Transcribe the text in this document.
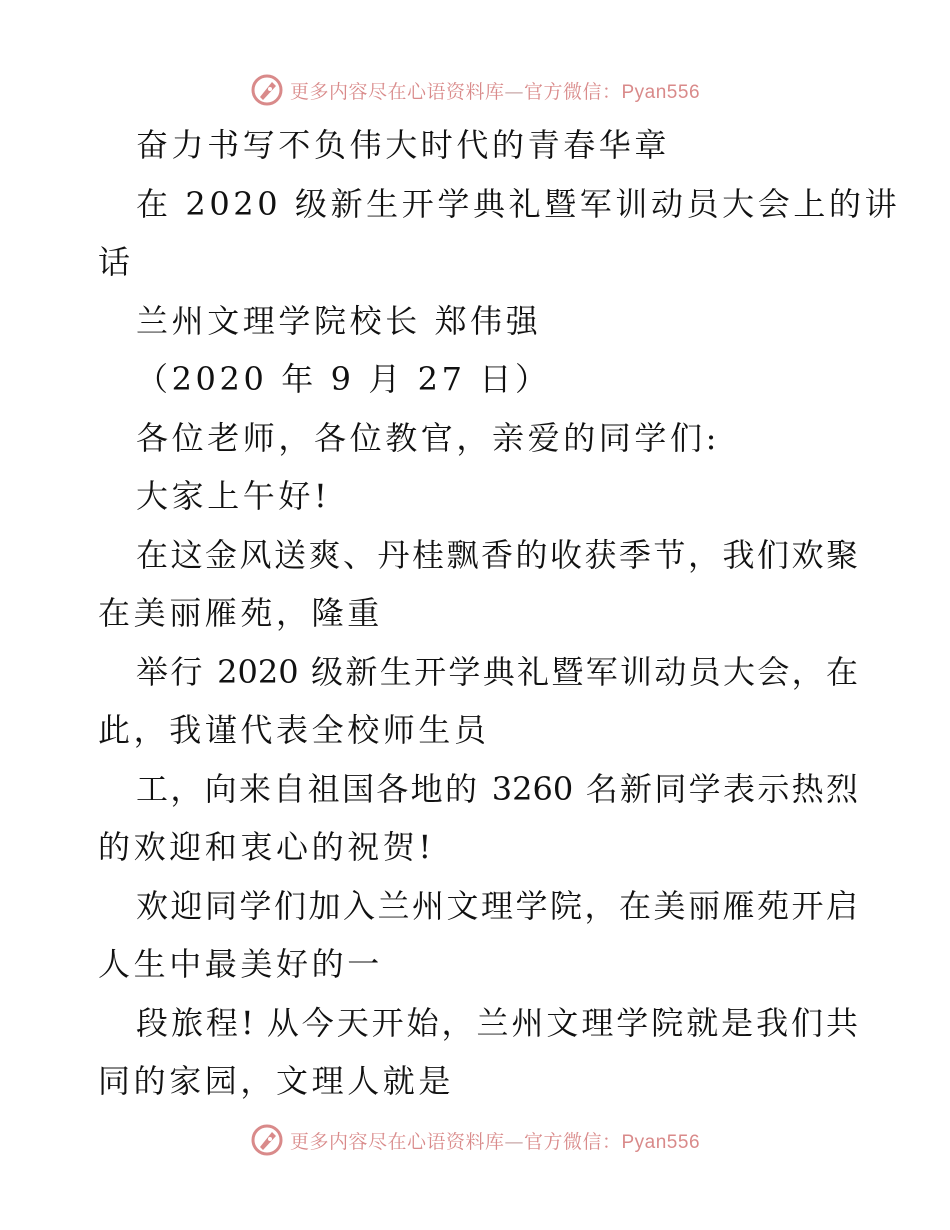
更多内容尽在心语资料库—官方微信：Pyan556
奋力书写不负伟大时代的青春华章
在 2020 级新生开学典礼暨军训动员大会上的讲
话
兰州文理学院校长 郑伟强
（2020 年 9 月 27 日）
各位老师，各位教官，亲爱的同学们:
大家上午好!
在这金风送爽、丹桂飘香的收获季节，我们欢聚
在美丽雁苑，隆重
举行 2020 级新生开学典礼暨军训动员大会，在
此，我谨代表全校师生员
工，向来自祖国各地的 3260 名新同学表示热烈
的欢迎和衷心的祝贺!
欢迎同学们加入兰州文理学院，在美丽雁苑开启
人生中最美好的一
段旅程! 从今天开始，兰州文理学院就是我们共
同的家园，文理人就是
更多内容尽在心语资料库—官方微信：Pyan556
